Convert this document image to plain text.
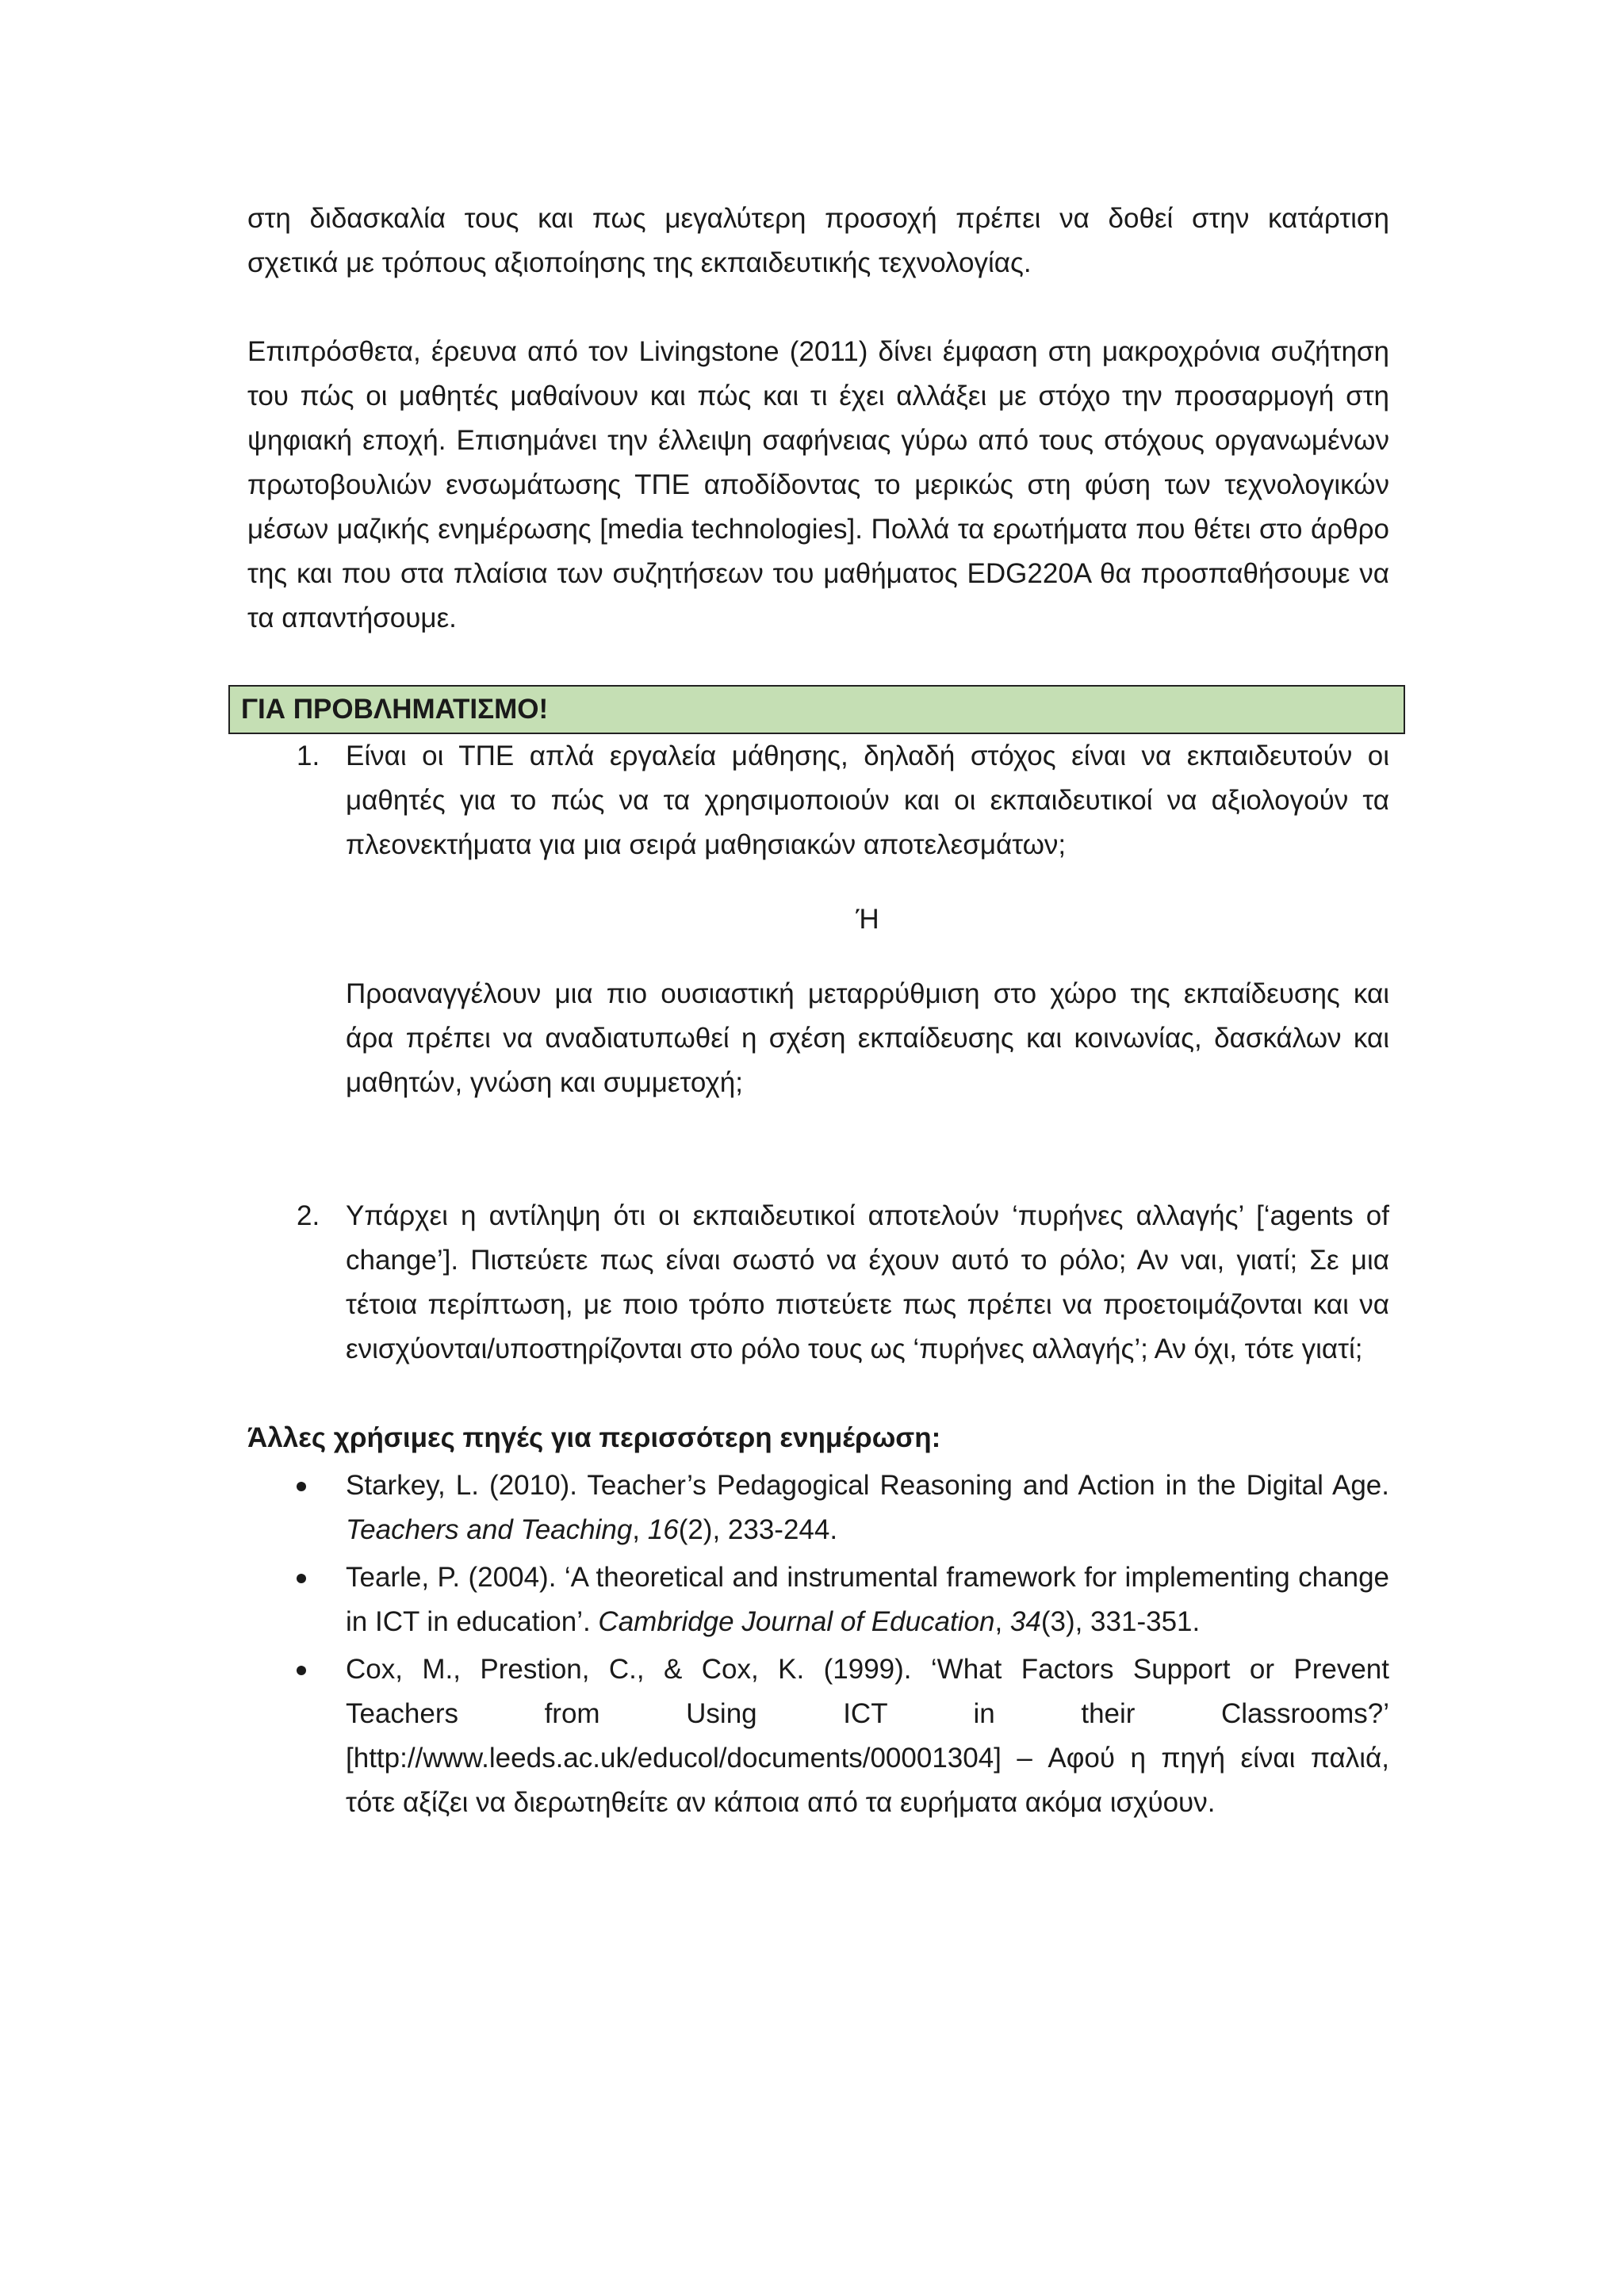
στη διδασκαλία τους και πως μεγαλύτερη προσοχή πρέπει να δοθεί στην κατάρτιση

σχετικά με τρόπους αξιοποίησης της εκπαιδευτικής τεχνολογίας.

Επιπρόσθετα, έρευνα από τον Livingstone (2011) δίνει έμφαση στη μακροχρόνια συζήτηση του πώς οι μαθητές μαθαίνουν και πώς και τι έχει αλλάξει με στόχο την προσαρμογή στη ψηφιακή εποχή. Επισημάνει την έλλειψη σαφήνειας γύρω από τους στόχους οργανωμένων πρωτοβουλιών ενσωμάτωσης ΤΠΕ αποδίδοντας το μερικώς στη φύση των τεχνολογικών μέσων μαζικής ενημέρωσης [media technologies]. Πολλά τα ερωτήματα που θέτει στο άρθρο της και που στα πλαίσια των συζητήσεων του μαθήματος EDG220A θα προσπαθήσουμε να τα απαντήσουμε.

ΓΙΑ ΠΡΟΒΛΗΜΑΤΙΣΜΟ!
1. Είναι οι ΤΠΕ απλά εργαλεία μάθησης, δηλαδή στόχος είναι να εκπαιδευτούν οι μαθητές για το πώς να τα χρησιμοποιούν και οι εκπαιδευτικοί να αξιολογούν τα πλεονεκτήματα για μια σειρά μαθησιακών αποτελεσμάτων;

Ή

Προαναγγέλουν μια πιο ουσιαστική μεταρρύθμιση στο χώρο της εκπαίδευσης και άρα πρέπει να αναδιατυπωθεί η σχέση εκπαίδευσης και κοινωνίας, δασκάλων και μαθητών, γνώση και συμμετοχή;

2. Υπάρχει η αντίληψη ότι οι εκπαιδευτικοί αποτελούν ‘πυρήνες αλλαγής’ [‘agents of change’]. Πιστεύετε πως είναι σωστό να έχουν αυτό το ρόλο; Αν ναι, γιατί; Σε μια τέτοια περίπτωση, με ποιο τρόπο πιστεύετε πως πρέπει να προετοιμάζονται και να ενισχύονται/υποστηρίζονται στο ρόλο τους ως ‘πυρήνες αλλαγής’; Αν όχι, τότε γιατί;

Άλλες χρήσιμες πηγές για περισσότερη ενημέρωση:

Starkey, L. (2010). Teacher’s Pedagogical Reasoning and Action in the Digital Age. Teachers and Teaching, 16(2), 233-244.
Tearle, P. (2004). ‘A theoretical and instrumental framework for implementing change in ICT in education’. Cambridge Journal of Education, 34(3), 331-351.
Cox, M., Prestion, C., & Cox, K. (1999). ‘What Factors Support or Prevent
Teachers from Using ICT in their Classrooms?’
[http://www.leeds.ac.uk/educol/documents/00001304] – Αφού η πηγή είναι παλιά, τότε αξίζει να διερωτηθείτε αν κάποια από τα ευρήματα ακόμα ισχύουν.
